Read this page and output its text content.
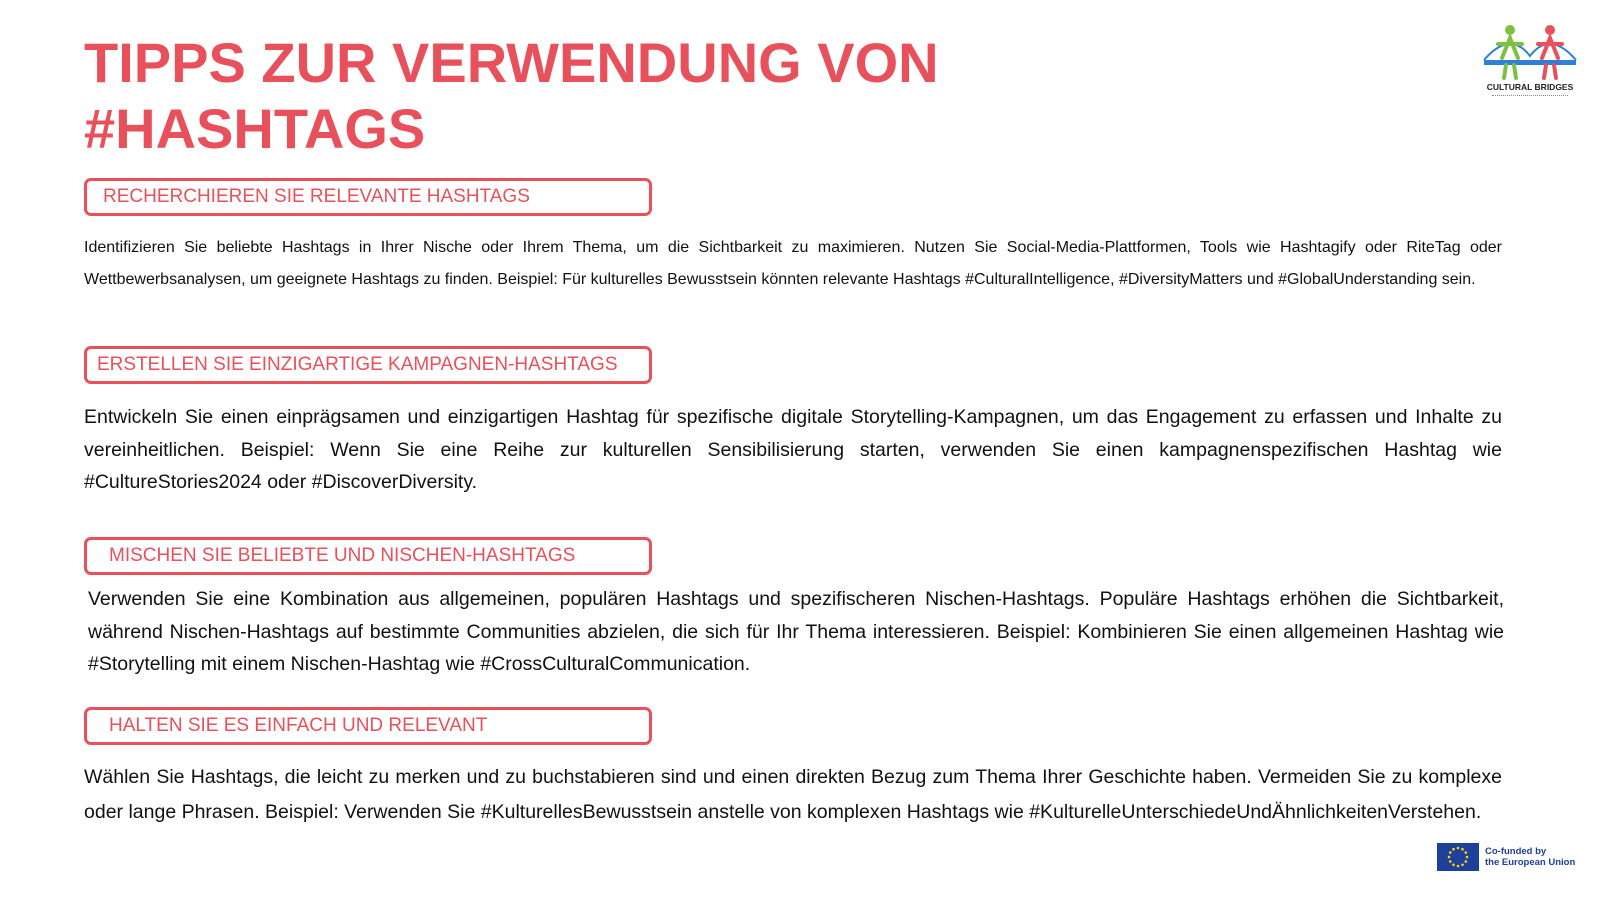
TIPPS ZUR VERWENDUNG VON
#HASHTAGS
CULTURAL BRIDGES
RECHERCHIEREN SIE RELEVANTE HASHTAGS

Identifizieren Sie beliebte Hashtags in Ihrer Nische oder Ihrem Thema, um die Sichtbarkeit zu maximieren. Nutzen Sie Social-Media-Plattformen, Tools wie Hashtagify oder RiteTag oder Wettbewerbsanalysen, um geeignete Hashtags zu finden. Beispiel: Für kulturelles Bewusstsein könnten relevante Hashtags #CulturalIntelligence, #DiversityMatters und #GlobalUnderstanding sein.

ERSTELLEN SIE EINZIGARTIGE KAMPAGNEN-HASHTAGS

Entwickeln Sie einen einprägsamen und einzigartigen Hashtag für spezifische digitale Storytelling-Kampagnen, um das Engagement zu erfassen und Inhalte zu vereinheitlichen. Beispiel: Wenn Sie eine Reihe zur kulturellen Sensibilisierung starten, verwenden Sie einen kampagnenspezifischen Hashtag wie #CultureStories2024 oder #DiscoverDiversity.

MISCHEN SIE BELIEBTE UND NISCHEN-HASHTAGS

Verwenden Sie eine Kombination aus allgemeinen, populären Hashtags und spezifischeren Nischen-Hashtags. Populäre Hashtags erhöhen die Sichtbarkeit, während Nischen-Hashtags auf bestimmte Communities abzielen, die sich für Ihr Thema interessieren. Beispiel: Kombinieren Sie einen allgemeinen Hashtag wie #Storytelling mit einem Nischen-Hashtag wie #CrossCulturalCommunication.

HALTEN SIE ES EINFACH UND RELEVANT

Wählen Sie Hashtags, die leicht zu merken und zu buchstabieren sind und einen direkten Bezug zum Thema Ihrer Geschichte haben. Vermeiden Sie zu komplexe oder lange Phrasen. Beispiel: Verwenden Sie #KulturellesBewusstsein anstelle von komplexen Hashtags wie #KulturelleUnterschiedeUndÄhnlichkeitenVerstehen.

Co-funded by
the European Union
